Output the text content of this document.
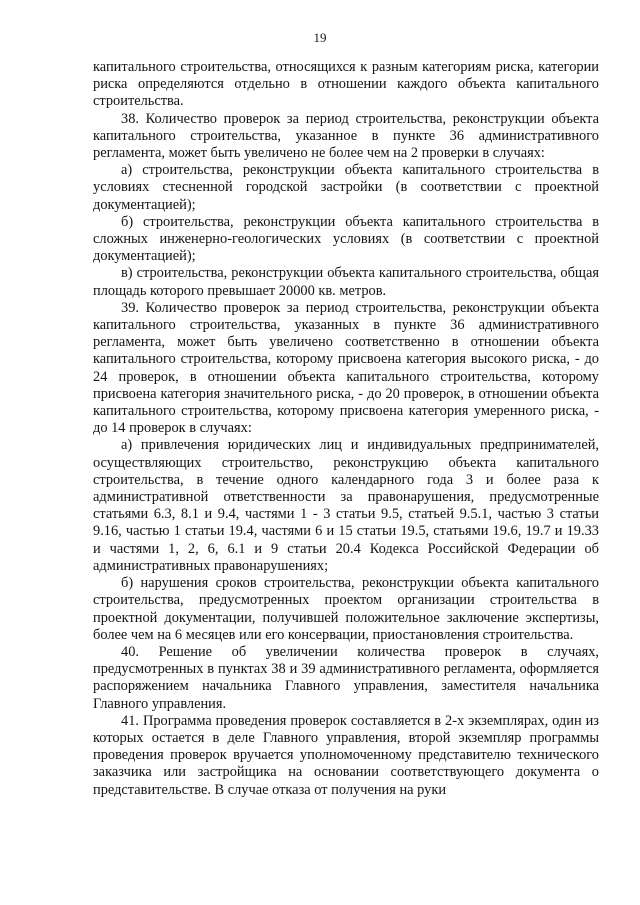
19

капитального строительства, относящихся к разным категориям риска, категории риска определяются отдельно в отношении каждого объекта капитального строительства.

38. Количество проверок за период строительства, реконструкции объекта капитального строительства, указанное в пункте 36 административного регламента, может быть увеличено не более чем на 2 проверки в случаях:

а) строительства, реконструкции объекта капитального строительства в условиях стесненной городской застройки (в соответствии с проектной документацией);

б) строительства, реконструкции объекта капитального строительства в сложных инженерно-геологических условиях (в соответствии с проектной документацией);

в) строительства, реконструкции объекта капитального строительства, общая площадь которого превышает 20000 кв. метров.

39. Количество проверок за период строительства, реконструкции объекта капитального строительства, указанных в пункте 36 административного регламента, может быть увеличено соответственно в отношении объекта капитального строительства, которому присвоена категория высокого риска, - до 24 проверок, в отношении объекта капитального строительства, которому присвоена категория значительного риска, - до 20 проверок, в отношении объекта капитального строительства, которому присвоена категория умеренного риска, - до 14 проверок в случаях:

а) привлечения юридических лиц и индивидуальных предпринимателей, осуществляющих строительство, реконструкцию объекта капитального строительства, в течение одного календарного года 3 и более раза к административной ответственности за правонарушения, предусмотренные статьями 6.3, 8.1 и 9.4, частями 1 - 3 статьи 9.5, статьей 9.5.1, частью 3 статьи 9.16, частью 1 статьи 19.4, частями 6 и 15 статьи 19.5, статьями 19.6, 19.7 и 19.33 и частями 1, 2, 6, 6.1 и 9 статьи 20.4 Кодекса Российской Федерации об административных правонарушениях;

б) нарушения сроков строительства, реконструкции объекта капитального строительства, предусмотренных проектом организации строительства в проектной документации, получившей положительное заключение экспертизы, более чем на 6 месяцев или его консервации, приостановления строительства.

40. Решение об увеличении количества проверок в случаях, предусмотренных в пунктах 38 и 39 административного регламента, оформляется распоряжением начальника Главного управления, заместителя начальника Главного управления.

41. Программа проведения проверок составляется в 2-х экземплярах, один из которых остается в деле Главного управления, второй экземпляр программы проведения проверок вручается уполномоченному представителю технического заказчика или застройщика на основании соответствующего документа о представительстве. В случае отказа от получения на руки
